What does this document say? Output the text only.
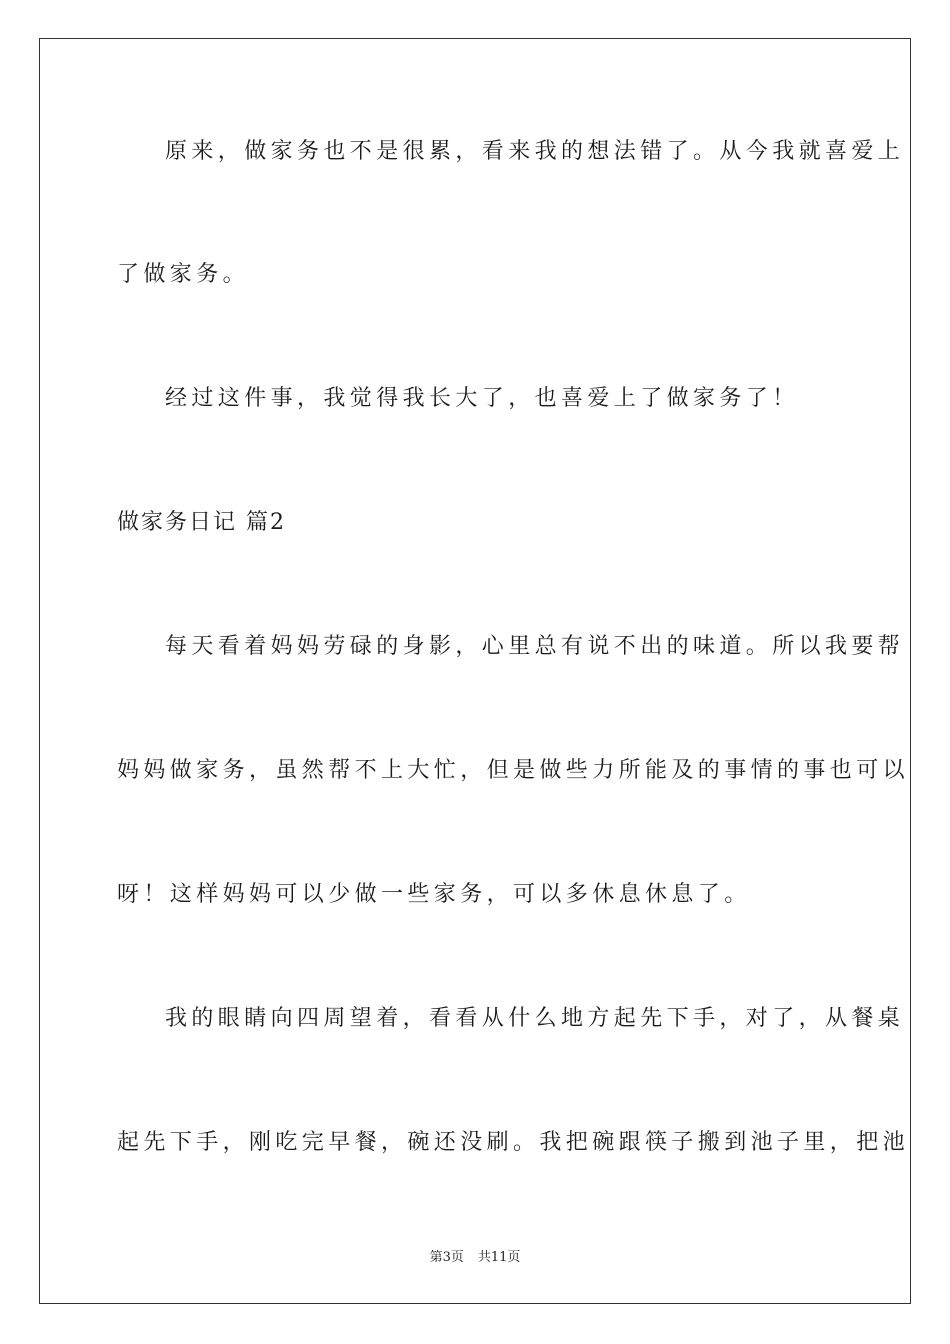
原来，做家务也不是很累，看来我的想法错了。从今我就喜爱上

了做家务。

经过这件事，我觉得我长大了，也喜爱上了做家务了！

做家务日记 篇2

每天看着妈妈劳碌的身影，心里总有说不出的味道。所以我要帮

妈妈做家务，虽然帮不上大忙，但是做些力所能及的事情的事也可以

呀！这样妈妈可以少做一些家务，可以多休息休息了。

我的眼睛向四周望着，看看从什么地方起先下手，对了，从餐桌

起先下手，刚吃完早餐，碗还没刷。我把碗跟筷子搬到池子里，把池

第3页 共11页
